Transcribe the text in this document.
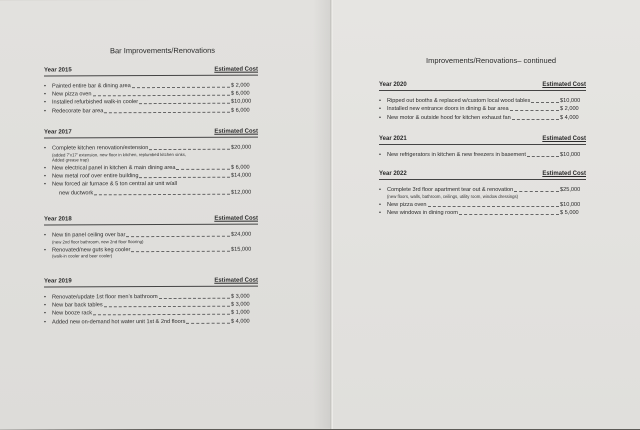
Bar Improvements/Renovations
Year 2015	Estimated Cost
• Painted entire bar & dining area	$ 2,000
• New pizza oven	$ 6,000
• Installed refurbished walk-in cooler	$10,000
• Redecorate bar area	$ 6,000
Year 2017	Estimated Cost
• Complete kitchen renovation/extension	$20,000
(added 7’x17’ extension, new floor in kitchen, replumbed kitchen sinks,
Added grease trap)
• New electrical panel in kitchen & main dining area	$ 6,000
• New metal roof over entire building	$14,000
• New forced air furnace & 5 ton central air unit w/all
new ductwork	$12,000
Year 2018	Estimated Cost
• New tin panel ceiling over bar	$24,000
(new 2nd floor bathroom, new 2nd floor flooring)
• Renovated/new guts keg cooler	$15,000
(walk-in cooler and beer cooler)
Year 2019	Estimated Cost
• Renovate/update 1st floor men’s bathroom	$ 3,000
• New bar back tables	$ 3,000
• New booze rack	$ 1,000
• Added new on-demand hot water unit 1st & 2nd floors	$ 4,000
Improvements/Renovations– continued
Year 2020	Estimated Cost
• Ripped out booths & replaced w/custom local wood tables	$10,000
• Installed new entrance doors in dining & bar area	$ 2,000
• New motor & outside hood for kitchen exhaust fan	$ 4,000
Year 2021	Estimated Cost
• New refrigerators in kitchen & new freezers in basement	$10,000
Year 2022	Estimated Cost
• Complete 3rd floor apartment tear out & renovation	$25,000
(new floors, walls, bathroom, ceilings, utility room, window dressings)
• New pizza oven	$10,000
• New windows in dining room	$ 5,000
